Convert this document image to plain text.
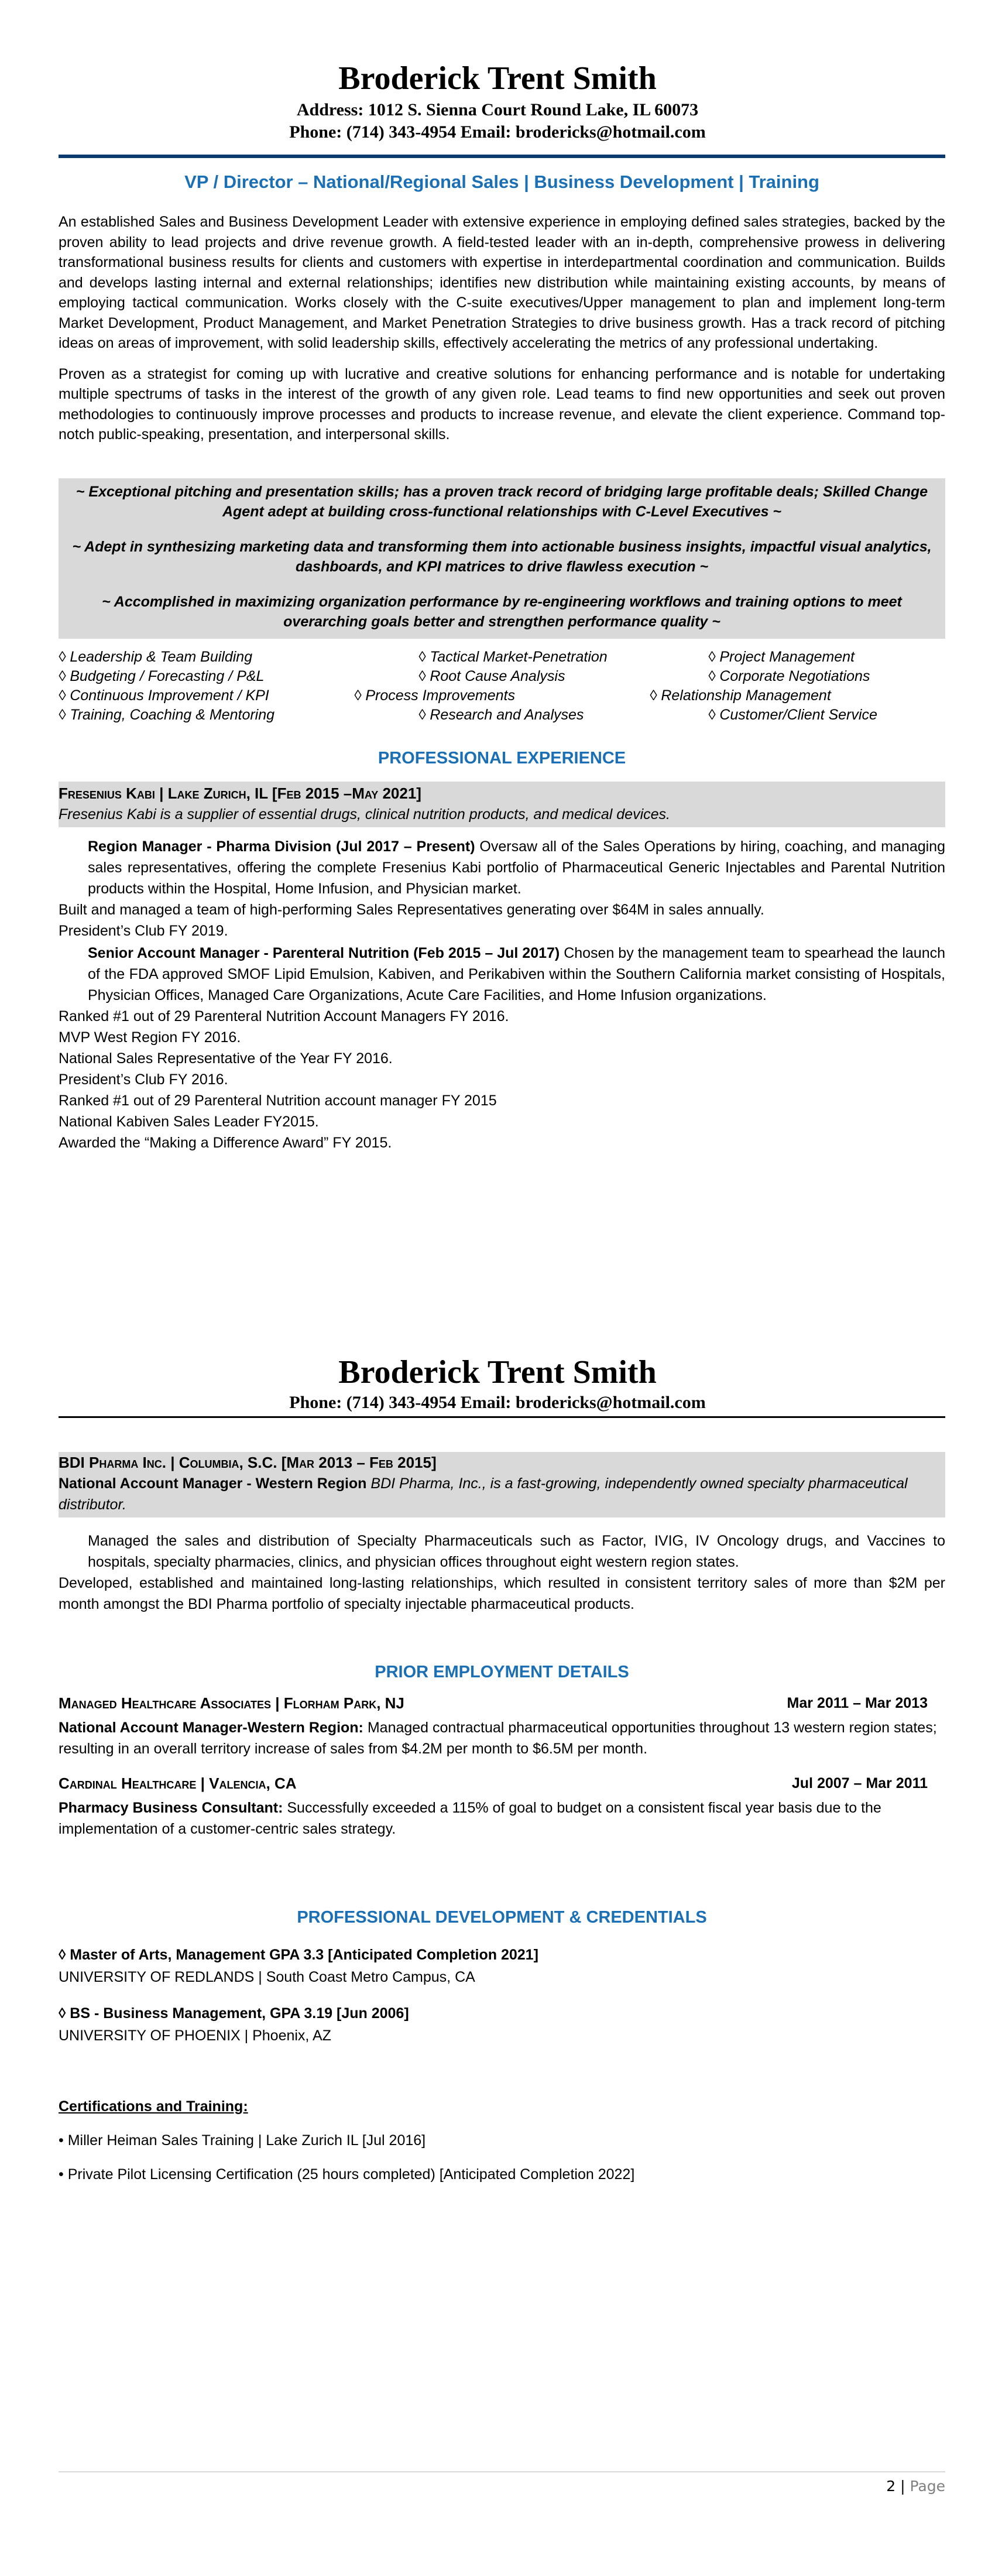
Broderick Trent Smith
Address: 1012 S. Sienna Court Round Lake, IL 60073
Phone: (714) 343-4954 Email: brodericks@hotmail.com
VP / Director – National/Regional Sales | Business Development | Training

An established Sales and Business Development Leader with extensive experience in employing defined sales strategies, backed by the proven ability to lead projects and drive revenue growth. A field-tested leader with an in-depth, comprehensive prowess in delivering transformational business results for clients and customers with expertise in interdepartmental coordination and communication. Builds and develops lasting internal and external relationships; identifies new distribution while maintaining existing accounts, by means of employing tactical communication. Works closely with the C-suite executives/Upper management to plan and implement long-term Market Development, Product Management, and Market Penetration Strategies to drive business growth. Has a track record of pitching ideas on areas of improvement, with solid leadership skills, effectively accelerating the metrics of any professional undertaking.

Proven as a strategist for coming up with lucrative and creative solutions for enhancing performance and is notable for undertaking multiple spectrums of tasks in the interest of the growth of any given role. Lead teams to find new opportunities and seek out proven methodologies to continuously improve processes and products to increase revenue, and elevate the client experience. Command top-notch public-speaking, presentation, and interpersonal skills.

~ Exceptional pitching and presentation skills; has a proven track record of bridging large profitable deals; Skilled Change Agent adept at building cross-functional relationships with C-Level Executives ~

~ Adept in synthesizing marketing data and transforming them into actionable business insights, impactful visual analytics, dashboards, and KPI matrices to drive flawless execution ~

~ Accomplished in maximizing organization performance by re-engineering workflows and training options to meet overarching goals better and strengthen performance quality ~

◊ Leadership & Team Building	◊ Tactical Market-Penetration	◊ Project Management
◊ Budgeting / Forecasting / P&L	◊ Root Cause Analysis	◊ Corporate Negotiations
◊ Continuous Improvement / KPI	◊ Process Improvements	◊ Relationship Management
◊ Training, Coaching & Mentoring	◊ Research and Analyses	◊ Customer/Client Service
PROFESSIONAL EXPERIENCE
Fresenius Kabi | Lake Zurich, IL [Feb 2015 –May 2021]
Fresenius Kabi is a supplier of essential drugs, clinical nutrition products, and medical devices.

Region Manager - Pharma Division (Jul 2017 – Present) Oversaw all of the Sales Operations by hiring, coaching, and managing sales representatives, offering the complete Fresenius Kabi portfolio of Pharmaceutical Generic Injectables and Parental Nutrition products within the Hospital, Home Infusion, and Physician market.

Built and managed a team of high-performing Sales Representatives generating over $64M in sales annually.

President’s Club FY 2019.

Senior Account Manager - Parenteral Nutrition (Feb 2015 – Jul 2017) Chosen by the management team to spearhead the launch of the FDA approved SMOF Lipid Emulsion, Kabiven, and Perikabiven within the Southern California market consisting of Hospitals, Physician Offices, Managed Care Organizations, Acute Care Facilities, and Home Infusion organizations.

Ranked #1 out of 29 Parenteral Nutrition Account Managers FY 2016.

MVP West Region FY 2016.

National Sales Representative of the Year FY 2016.

President’s Club FY 2016.

Ranked #1 out of 29 Parenteral Nutrition account manager FY 2015

National Kabiven Sales Leader FY2015.

Awarded the “Making a Difference Award” FY 2015.

Broderick Trent Smith
Phone: (714) 343-4954 Email: brodericks@hotmail.com
BDI Pharma Inc. | Columbia, S.C. [Mar 2013 – Feb 2015]
National Account Manager - Western Region BDI Pharma, Inc., is a fast-growing, independently owned specialty pharmaceutical distributor.

Managed the sales and distribution of Specialty Pharmaceuticals such as Factor, IVIG, IV Oncology drugs, and Vaccines to hospitals, specialty pharmacies, clinics, and physician offices throughout eight western region states.

Developed, established and maintained long-lasting relationships, which resulted in consistent territory sales of more than $2M per month amongst the BDI Pharma portfolio of specialty injectable pharmaceutical products.

PRIOR EMPLOYMENT DETAILS
Managed Healthcare Associates | Florham Park, NJ	Mar 2011 – Mar 2013

National Account Manager-Western Region: Managed contractual pharmaceutical opportunities throughout 13 western region states; resulting in an overall territory increase of sales from $4.2M per month to $6.5M per month.

Cardinal Healthcare | Valencia, CA	Jul 2007 – Mar 2011

Pharmacy Business Consultant: Successfully exceeded a 115% of goal to budget on a consistent fiscal year basis due to the implementation of a customer-centric sales strategy.

PROFESSIONAL DEVELOPMENT & CREDENTIALS
◊ Master of Arts, Management GPA 3.3 [Anticipated Completion 2021]
UNIVERSITY OF REDLANDS | South Coast Metro Campus, CA
◊ BS - Business Management, GPA 3.19 [Jun 2006]
UNIVERSITY OF PHOENIX | Phoenix, AZ
Certifications and Training:
• Miller Heiman Sales Training | Lake Zurich IL [Jul 2016]
• Private Pilot Licensing Certification (25 hours completed) [Anticipated Completion 2022]
2 | Page
